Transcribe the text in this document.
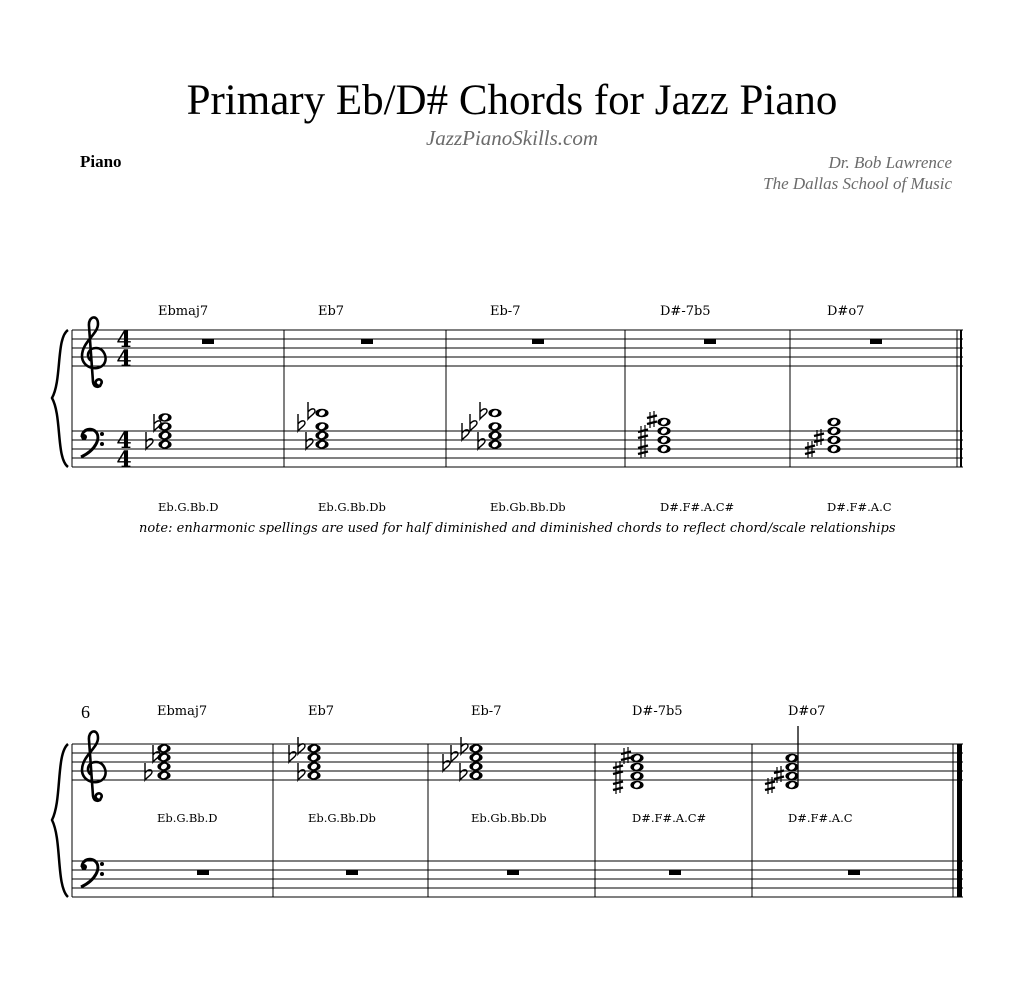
Primary Eb/D# Chords for Jazz Piano
JazzPianoSkills.com
Piano	Dr. Bob Lawrence
The Dallas School of Music
Ebmaj7	Eb7	Eb-7	D#-7b5	D#o7
Eb.G.Bb.D	Eb.G.Bb.Db	Eb.Gb.Bb.Db	D#.F#.A.C#	D#.F#.A.C
note: enharmonic spellings are used for half diminished and diminished chords to reflect chord/scale relationships
6	Ebmaj7	Eb7	Eb-7	D#-7b5	D#o7
Eb.G.Bb.D	Eb.G.Bb.Db	Eb.Gb.Bb.Db	D#.F#.A.C#	D#.F#.A.C
4
4
4
4
